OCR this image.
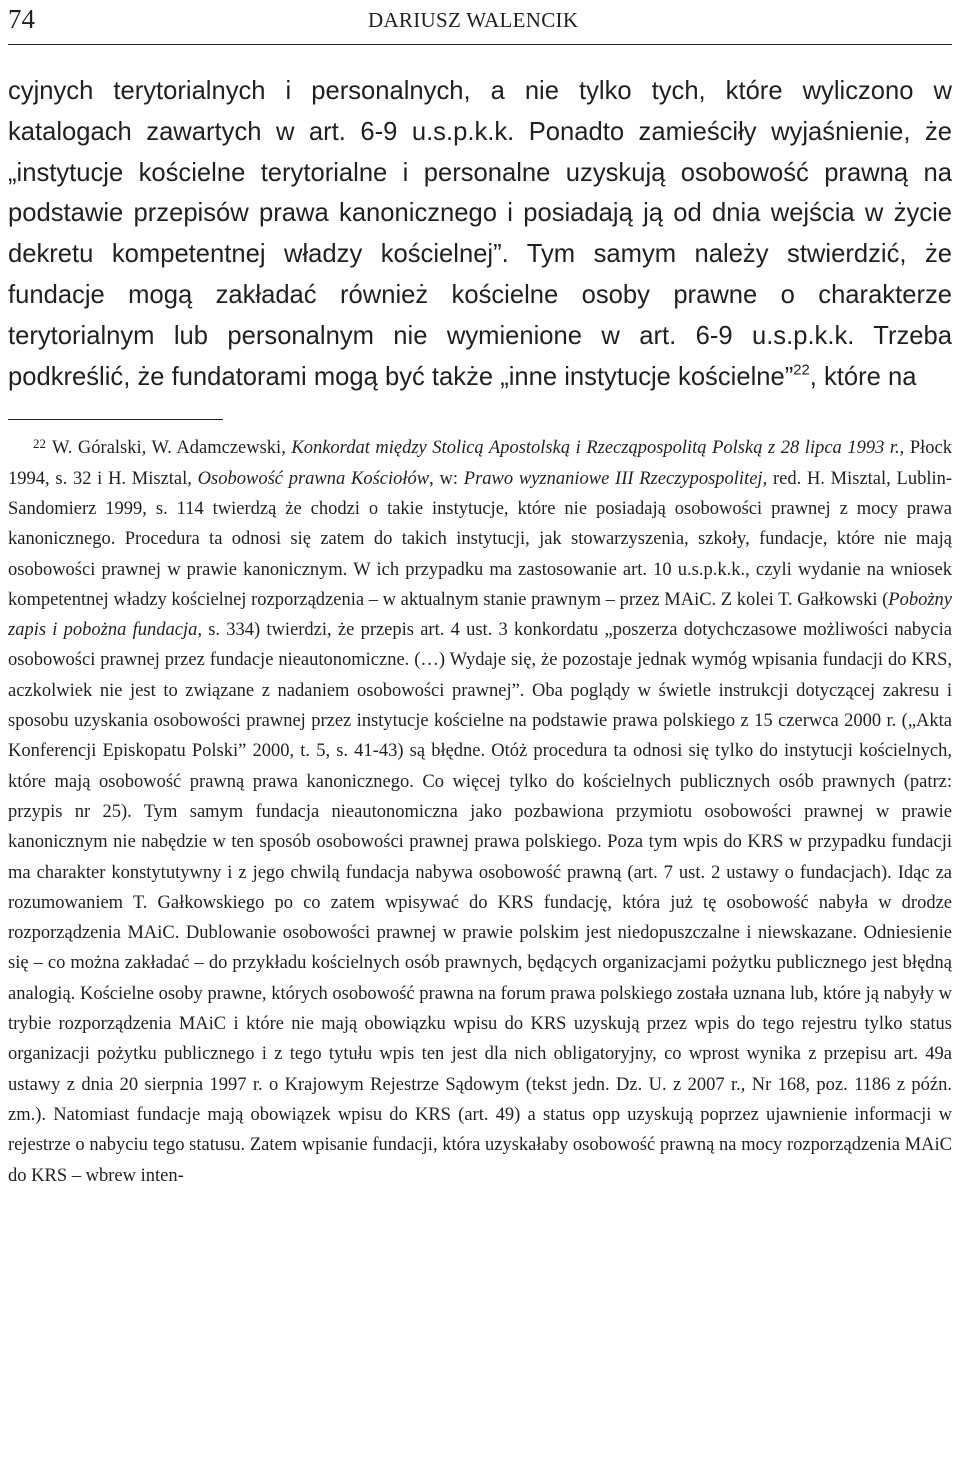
74	DARIUSZ WALENCIK

cyjnych terytorialnych i personalnych, a nie tylko tych, które wyliczono w katalogach zawartych w art. 6-9 u.s.p.k.k. Ponadto zamieściły wyjaśnienie, że „instytucje kościelne terytorialne i personalne uzyskują osobowość prawną na podstawie przepisów prawa kanonicznego i posiadają ją od dnia wejścia w życie dekretu kompetentnej władzy kościelnej”. Tym samym należy stwierdzić, że fundacje mogą zakładać również kościelne osoby prawne o charakterze terytorialnym lub personalnym nie wymienione w art. 6-9 u.s.p.k.k. Trzeba podkreślić, że fundatorami mogą być także „inne instytucje kościelne”$^{22}$, które na

22 W. Góralski, W. Adamczewski, Konkordat między Stolicą Apostolską i Rzecząpospolitą Polską z 28 lipca 1993 r., Płock 1994, s. 32 i H. Misztal, Osobowość prawna Kościołów, w: Prawo wyznaniowe III Rzeczypospolitej, red. H. Misztal, Lublin-Sandomierz 1999, s. 114 twierdzą że chodzi o takie instytucje, które nie posiadają osobowości prawnej z mocy prawa kanonicznego. Procedura ta odnosi się zatem do takich instytucji, jak stowarzyszenia, szkoły, fundacje, które nie mają osobowości prawnej w prawie kanonicznym. W ich przypadku ma zastosowanie art. 10 u.s.p.k.k., czyli wydanie na wniosek kompetentnej władzy kościelnej rozporządzenia – w aktualnym stanie prawnym – przez MAiC. Z kolei T. Gałkowski (Pobożny zapis i pobożna fundacja, s. 334) twierdzi, że przepis art. 4 ust. 3 konkordatu „poszerza dotychczasowe możliwości nabycia osobowości prawnej przez fundacje nieautonomiczne. (…) Wydaje się, że pozostaje jednak wymóg wpisania fundacji do KRS, aczkolwiek nie jest to związane z nadaniem osobowości prawnej”. Oba poglądy w świetle instrukcji dotyczącej zakresu i sposobu uzyskania osobowości prawnej przez instytucje kościelne na podstawie prawa polskiego z 15 czerwca 2000 r. („Akta Konferencji Episkopatu Polski” 2000, t. 5, s. 41-43) są błędne. Otóż procedura ta odnosi się tylko do instytucji kościelnych, które mają osobowość prawną prawa kanonicznego. Co więcej tylko do kościelnych publicznych osób prawnych (patrz: przypis nr 25). Tym samym fundacja nieautonomiczna jako pozbawiona przymiotu osobowości prawnej w prawie kanonicznym nie nabędzie w ten sposób osobowości prawnej prawa polskiego. Poza tym wpis do KRS w przypadku fundacji ma charakter konstytutywny i z jego chwilą fundacja nabywa osobowość prawną (art. 7 ust. 2 ustawy o fundacjach). Idąc za rozumowaniem T. Gałkowskiego po co zatem wpisywać do KRS fundację, która już tę osobowość nabyła w drodze rozporządzenia MAiC. Dublowanie osobowości prawnej w prawie polskim jest niedopuszczalne i niewskazane. Odniesienie się – co można zakładać – do przykładu kościelnych osób prawnych, będących organizacjami pożytku publicznego jest błędną analogią. Kościelne osoby prawne, których osobowość prawna na forum prawa polskiego została uznana lub, które ją nabyły w trybie rozporządzenia MAiC i które nie mają obowiązku wpisu do KRS uzyskują przez wpis do tego rejestru tylko status organizacji pożytku publicznego i z tego tytułu wpis ten jest dla nich obligatoryjny, co wprost wynika z przepisu art. 49a ustawy z dnia 20 sierpnia 1997 r. o Krajowym Rejestrze Sądowym (tekst jedn. Dz. U. z 2007 r., Nr 168, poz. 1186 z późn. zm.). Natomiast fundacje mają obowiązek wpisu do KRS (art. 49) a status opp uzyskują poprzez ujawnienie informacji w rejestrze o nabyciu tego statusu. Zatem wpisanie fundacji, która uzyskałaby osobowość prawną na mocy rozporządzenia MAiC do KRS – wbrew inten-
